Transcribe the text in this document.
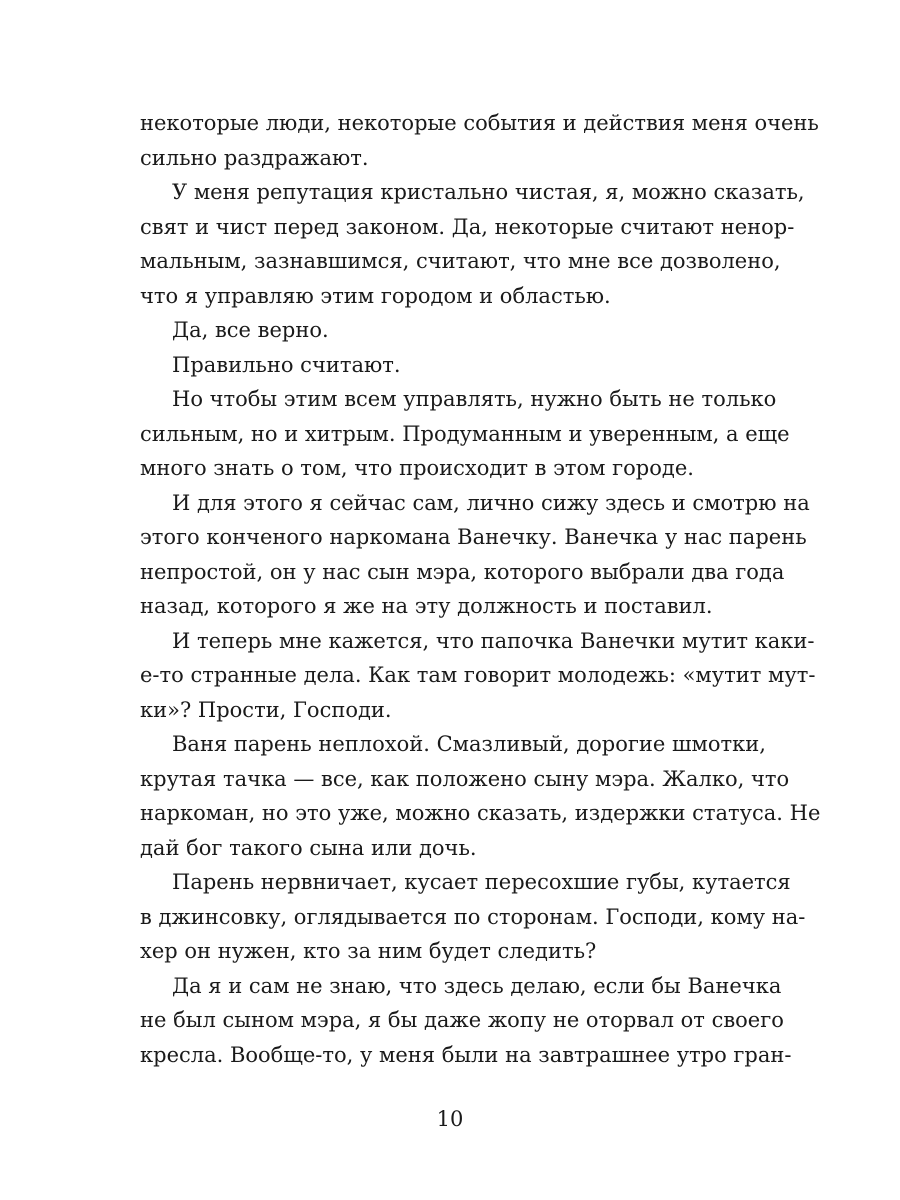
некоторые люди, некоторые события и действия меня очень
сильно раздражают.
У меня репутация кристально чистая, я, можно сказать,
свят и чист перед законом. Да, некоторые считают ненор-
мальным, зазнавшимся, считают, что мне все дозволено,
что я управляю этим городом и областью.
Да, все верно.
Правильно считают.
Но чтобы этим всем управлять, нужно быть не только
сильным, но и хитрым. Продуманным и уверенным, а еще
много знать о том, что происходит в этом городе.
И для этого я сейчас сам, лично сижу здесь и смотрю на
этого конченого наркомана Ванечку. Ванечка у нас парень
непростой, он у нас сын мэра, которого выбрали два года
назад, которого я же на эту должность и поставил.
И теперь мне кажется, что папочка Ванечки мутит каки-
е-то странные дела. Как там говорит молодежь: «мутит мут-
ки»? Прости, Господи.
Ваня парень неплохой. Смазливый, дорогие шмотки,
крутая тачка — все, как положено сыну мэра. Жалко, что
наркоман, но это уже, можно сказать, издержки статуса. Не
дай бог такого сына или дочь.
Парень нервничает, кусает пересохшие губы, кутается
в джинсовку, оглядывается по сторонам. Господи, кому на-
хер он нужен, кто за ним будет следить?
Да я и сам не знаю, что здесь делаю, если бы Ванечка
не был сыном мэра, я бы даже жопу не оторвал от своего
кресла. Вообще-то, у меня были на завтрашнее утро гран-
10
